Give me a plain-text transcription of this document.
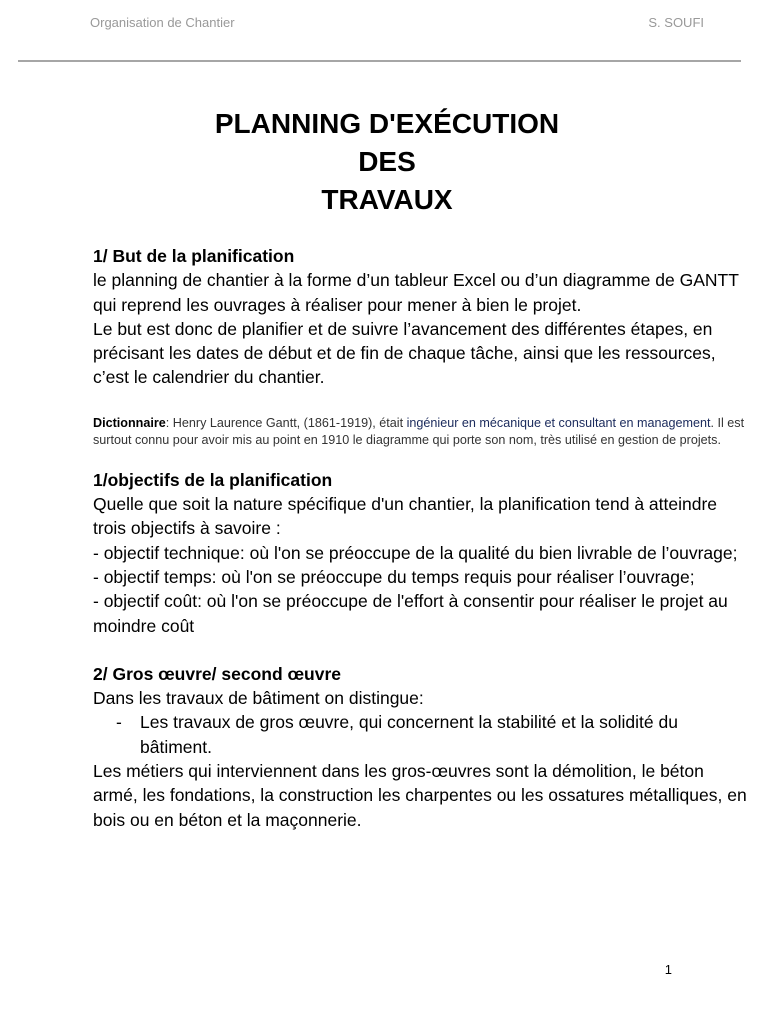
Organisation de Chantier	S. SOUFI
PLANNING D'EXÉCUTION
DES
TRAVAUX

1/ But de la planification

le planning de chantier à la forme d’un tableur Excel ou d’un diagramme de GANTT qui reprend les ouvrages à réaliser pour mener à bien le projet.

Le but est donc de planifier et de suivre l’avancement des différentes étapes, en précisant les dates de début et de fin de chaque tâche, ainsi que les ressources, c’est le calendrier du chantier.

Dictionnaire: Henry Laurence Gantt, (1861-1919), était ingénieur en mécanique et consultant en management. Il est surtout connu pour avoir mis au point en 1910 le diagramme qui porte son nom, très utilisé en gestion de projets.

1/objectifs de la planification

Quelle que soit la nature spécifique d'un chantier, la planification tend à atteindre trois objectifs à savoire :

- objectif technique: où l'on se préoccupe de la qualité du bien livrable de l’ouvrage;

- objectif temps: où l'on se préoccupe du temps requis pour réaliser l’ouvrage;

- objectif coût: où l'on se préoccupe de l'effort à consentir pour réaliser le projet au moindre coût

2/ Gros œuvre/ second œuvre

Dans les travaux de bâtiment on distingue:

- Les travaux de gros œuvre, qui concernent la stabilité et la solidité du bâtiment.

Les métiers qui interviennent dans les gros-œuvres sont la démolition, le béton armé, les fondations, la construction les charpentes ou les ossatures métalliques, en bois ou en béton et la maçonnerie.

1
